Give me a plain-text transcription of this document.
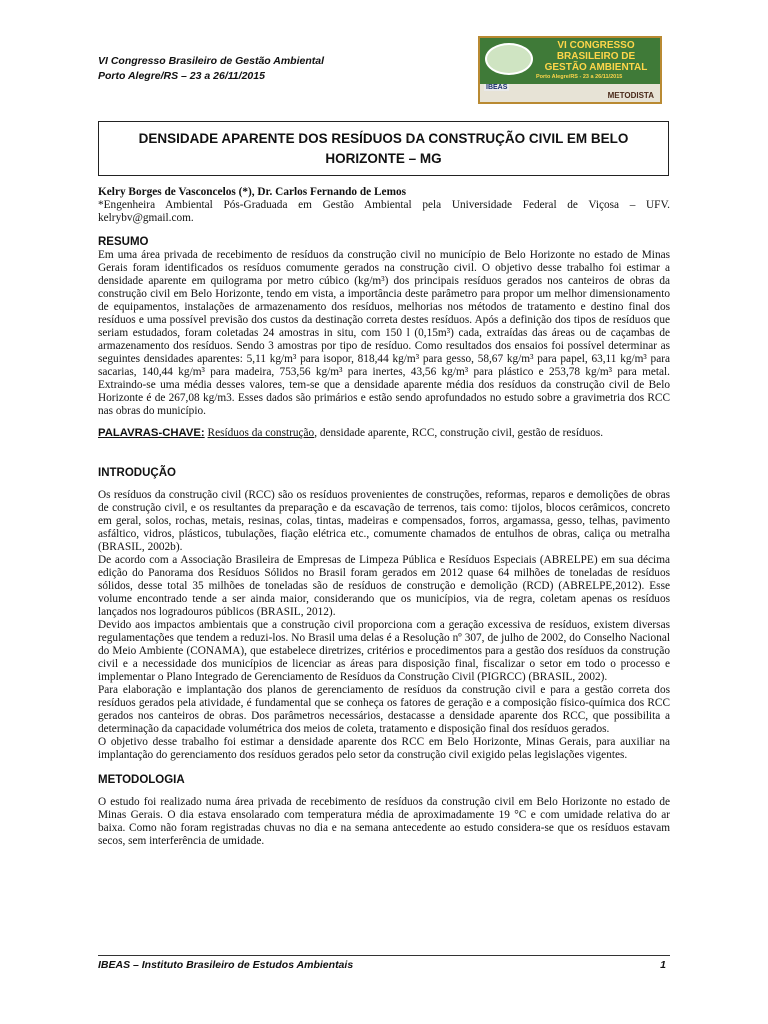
VI Congresso Brasileiro de Gestão Ambiental
Porto Alegre/RS – 23 a 26/11/2015
VI CONGRESSO
BRASILEIRO DE
GESTÃO AMBIENTAL
Porto Alegre/RS - 23 a 26/11/2015
IBEAS
METODISTA
DENSIDADE APARENTE DOS RESÍDUOS DA CONSTRUÇÃO CIVIL EM BELO HORIZONTE – MG

Kelry Borges de Vasconcelos (*), Dr. Carlos Fernando de Lemos

*Engenheira Ambiental Pós-Graduada em Gestão Ambiental pela Universidade Federal de Viçosa – UFV. kelrybv@gmail.com.

RESUMO

Em uma área privada de recebimento de resíduos da construção civil no município de Belo Horizonte no estado de Minas Gerais foram identificados os resíduos comumente gerados na construção civil. O objetivo desse trabalho foi estimar a densidade aparente em quilograma por metro cúbico (kg/m³) dos principais resíduos gerados nos canteiros de obras da construção civil em Belo Horizonte, tendo em vista, a importância deste parâmetro para propor um melhor dimensionamento de equipamentos, instalações de armazenamento dos resíduos, melhorias nos métodos de tratamento e destino final dos resíduos e uma possível previsão dos custos da destinação correta destes resíduos. Após a definição dos tipos de resíduos que seriam estudados, foram coletadas 24 amostras in situ, com 150 l (0,15m³) cada, extraídas das áreas ou de caçambas de armazenamento dos resíduos. Sendo 3 amostras por tipo de resíduo. Como resultados dos ensaios foi possível determinar as seguintes densidades aparentes: 5,11 kg/m³ para isopor, 818,44 kg/m³ para gesso, 58,67 kg/m³ para papel, 63,11 kg/m³ para sacarias, 140,44 kg/m³ para madeira, 753,56 kg/m³ para inertes, 43,56 kg/m³ para plástico e 253,78 kg/m³ para metal. Extraindo-se uma média desses valores, tem-se que a densidade aparente média dos resíduos da construção civil de Belo Horizonte é de 267,08 kg/m3. Esses dados são primários e estão sendo aprofundados no estudo sobre a gravimetria dos RCC nas obras do município.

PALAVRAS-CHAVE: Resíduos da construção, densidade aparente, RCC, construção civil, gestão de resíduos.

INTRODUÇÃO

Os resíduos da construção civil (RCC) são os resíduos provenientes de construções, reformas, reparos e demolições de obras de construção civil, e os resultantes da preparação e da escavação de terrenos, tais como: tijolos, blocos cerâmicos, concreto em geral, solos, rochas, metais, resinas, colas, tintas, madeiras e compensados, forros, argamassa, gesso, telhas, pavimento asfáltico, vidros, plásticos, tubulações, fiação elétrica etc., comumente chamados de entulhos de obras, caliça ou metralha (BRASIL, 2002b).

De acordo com a Associação Brasileira de Empresas de Limpeza Pública e Resíduos Especiais (ABRELPE) em sua décima edição do Panorama dos Resíduos Sólidos no Brasil foram gerados em 2012 quase 64 milhões de toneladas de resíduos sólidos, desse total 35 milhões de toneladas são de resíduos de construção e demolição (RCD) (ABRELPE,2012). Esse volume encontrado tende a ser ainda maior, considerando que os municípios, via de regra, coletam apenas os resíduos lançados nos logradouros públicos (BRASIL, 2012).

Devido aos impactos ambientais que a construção civil proporciona com a geração excessiva de resíduos, existem diversas regulamentações que tendem a reduzi-los. No Brasil uma delas é a Resolução nº 307, de julho de 2002, do Conselho Nacional do Meio Ambiente (CONAMA), que estabelece diretrizes, critérios e procedimentos para a gestão dos resíduos da construção civil e a necessidade dos municípios de licenciar as áreas para disposição final, fiscalizar o setor em todo o processo e implementar o Plano Integrado de Gerenciamento de Resíduos da Construção Civil (PIGRCC) (BRASIL, 2002).

Para elaboração e implantação dos planos de gerenciamento de resíduos da construção civil e para a gestão correta dos resíduos gerados pela atividade, é fundamental que se conheça os fatores de geração e a composição físico-química dos RCC gerados nos canteiros de obras. Dos parâmetros necessários, destacasse a densidade aparente dos RCC, que possibilita a determinação da capacidade volumétrica dos meios de coleta, tratamento e disposição final dos resíduos gerados.

O objetivo desse trabalho foi estimar a densidade aparente dos RCC em Belo Horizonte, Minas Gerais, para auxiliar na implantação do gerenciamento dos resíduos gerados pelo setor da construção civil exigido pelas legislações vigentes.

METODOLOGIA

O estudo foi realizado numa área privada de recebimento de resíduos da construção civil em Belo Horizonte no estado de Minas Gerais. O dia estava ensolarado com temperatura média de aproximadamente 19 °C e com umidade relativa do ar baixa. Como não foram registradas chuvas no dia e na semana antecedente ao estudo considera-se que os resíduos estavam secos, sem interferência de umidade.

IBEAS – Instituto Brasileiro de Estudos Ambientais	1
